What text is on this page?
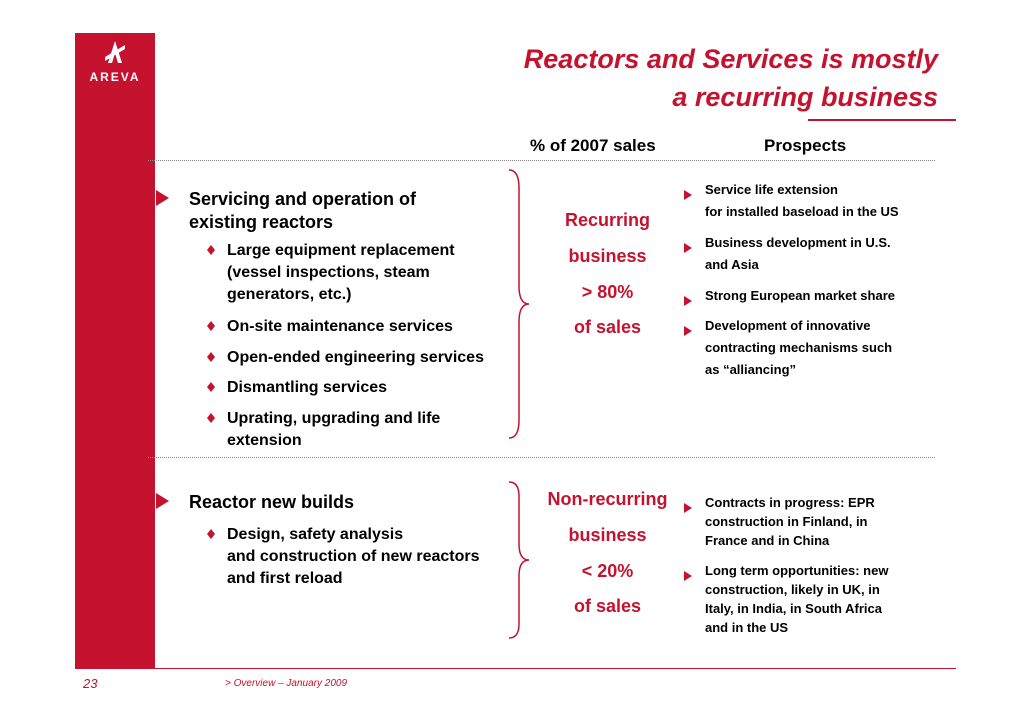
AREVA
Reactors and Services is mostly
a recurring business
% of 2007 sales	Prospects
Servicing and operation of
existing reactors
Large equipment replacement
(vessel inspections, steam
generators, etc.)
On-site maintenance services
Open-ended engineering services
Dismantling services
Uprating, upgrading and life
extension
Recurring
business
> 80%
of sales
Service life extension
for installed baseload in the US
Business development in U.S.
and Asia
Strong European market share
Development of innovative
contracting mechanisms such
as “alliancing”
Reactor new builds
Design, safety analysis
and construction of new reactors
and first reload
Non-recurring
business
< 20%
of sales
Contracts in progress: EPR
construction in Finland, in
France and in China
Long term opportunities: new
construction, likely in UK, in
Italy, in India, in South Africa
and in the US
23	> Overview – January 2009
